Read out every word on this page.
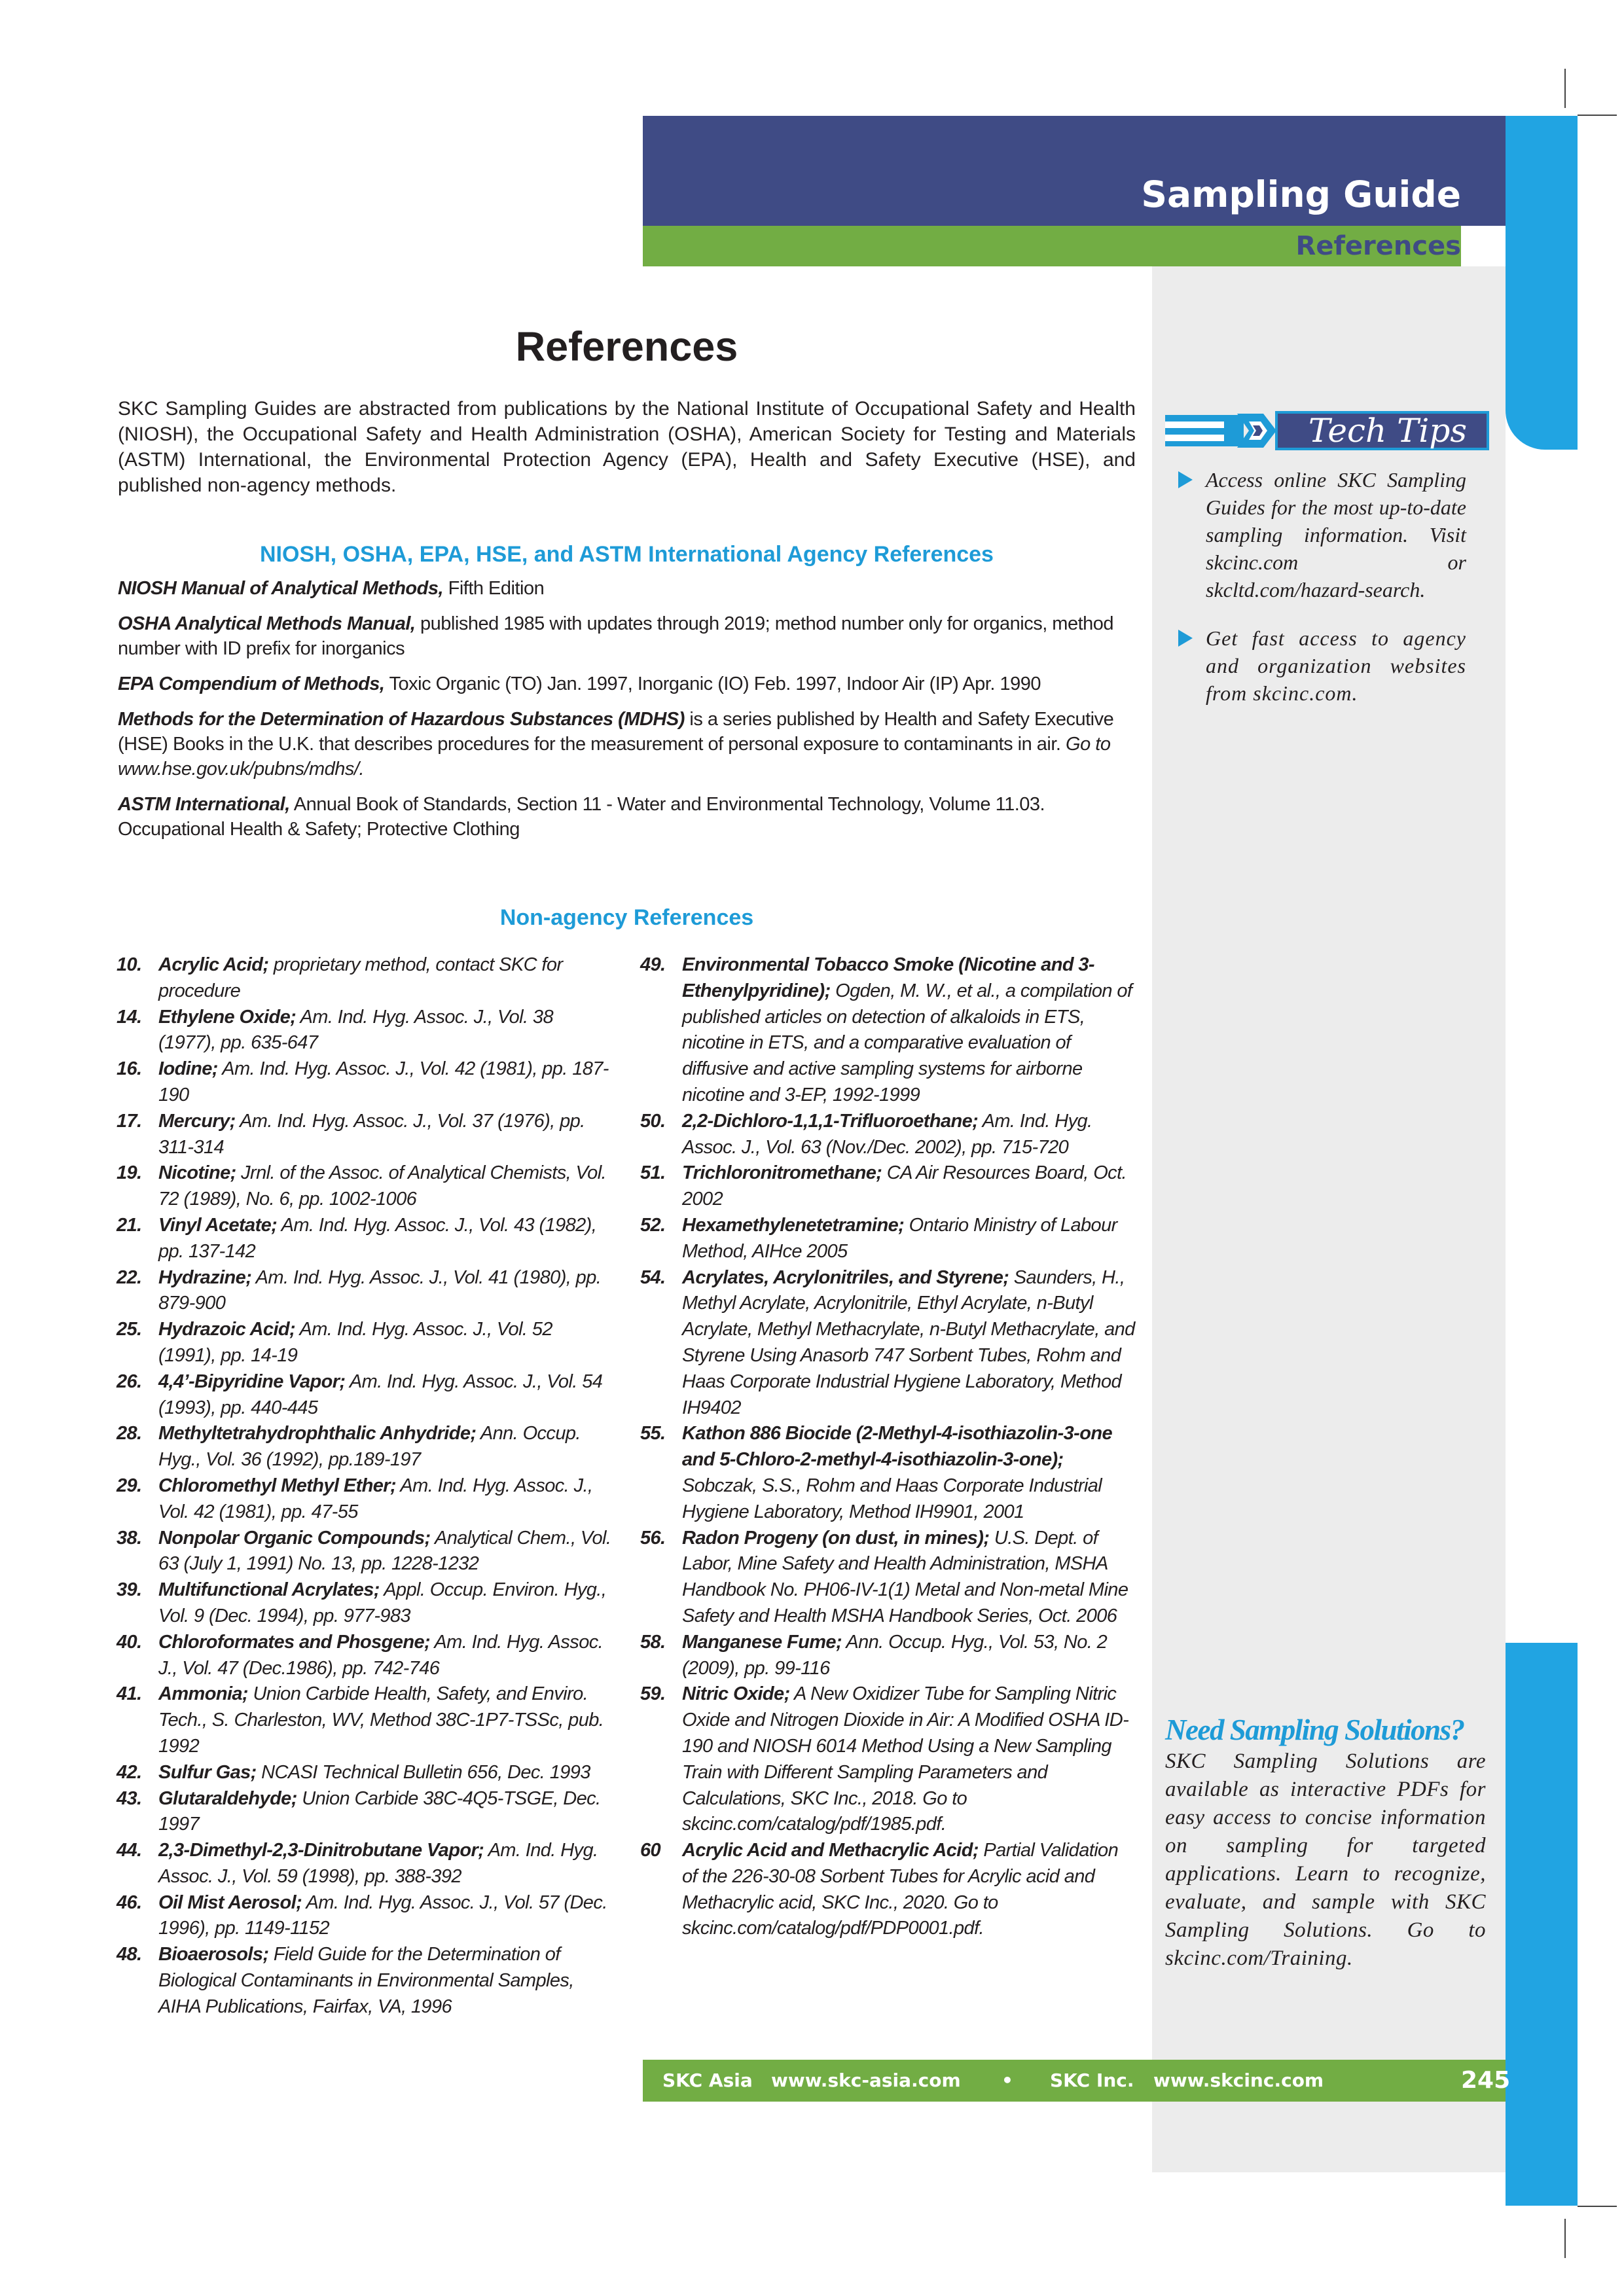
Sampling Guide
References
References
SKC Sampling Guides are abstracted from publications by the National Institute of Occupational Safety and Health (NIOSH), the Occupational Safety and Health Administration (OSHA), American Society for Testing and Materials (ASTM) International, the Environmental Protection Agency (EPA), Health and Safety Executive (HSE), and published non-agency methods.
NIOSH, OSHA, EPA, HSE, and ASTM International Agency References

NIOSH Manual of Analytical Methods, Fifth Edition

OSHA Analytical Methods Manual, published 1985 with updates through 2019; method number only for organics, method number with ID prefix for inorganics

EPA Compendium of Methods, Toxic Organic (TO) Jan. 1997, Inorganic (IO) Feb. 1997, Indoor Air (IP) Apr. 1990

Methods for the Determination of Hazardous Substances (MDHS) is a series published by Health and Safety Executive (HSE) Books in the U.K. that describes procedures for the measurement of personal exposure to contaminants in air. Go to www.hse.gov.uk/pubns/mdhs/.

ASTM International, Annual Book of Standards, Section 11 - Water and Environmental Technology, Volume 11.03. Occupational Health & Safety; Protective Clothing

Non-agency References
10. Acrylic Acid; proprietary method, contact SKC for procedure
14. Ethylene Oxide; Am. Ind. Hyg. Assoc. J., Vol. 38 (1977), pp. 635-647
16. Iodine; Am. Ind. Hyg. Assoc. J., Vol. 42 (1981), pp. 187-190
17. Mercury; Am. Ind. Hyg. Assoc. J., Vol. 37 (1976), pp. 311-314
19. Nicotine; Jrnl. of the Assoc. of Analytical Chemists, Vol. 72 (1989), No. 6, pp. 1002-1006
21. Vinyl Acetate; Am. Ind. Hyg. Assoc. J., Vol. 43 (1982), pp. 137-142
22. Hydrazine; Am. Ind. Hyg. Assoc. J., Vol. 41 (1980), pp. 879-900
25. Hydrazoic Acid; Am. Ind. Hyg. Assoc. J., Vol. 52 (1991), pp. 14-19
26. 4,4’-Bipyridine Vapor; Am. Ind. Hyg. Assoc. J., Vol. 54 (1993), pp. 440-445
28. Methyltetrahydrophthalic Anhydride; Ann. Occup. Hyg., Vol. 36 (1992), pp.189-197
29. Chloromethyl Methyl Ether; Am. Ind. Hyg. Assoc. J., Vol. 42 (1981), pp. 47-55
38. Nonpolar Organic Compounds; Analytical Chem., Vol. 63 (July 1, 1991) No. 13, pp. 1228-1232
39. Multifunctional Acrylates; Appl. Occup. Environ. Hyg., Vol. 9 (Dec. 1994), pp. 977-983
40. Chloroformates and Phosgene; Am. Ind. Hyg. Assoc. J., Vol. 47 (Dec.1986), pp. 742-746
41. Ammonia; Union Carbide Health, Safety, and Enviro. Tech., S. Charleston, WV, Method 38C-1P7-TSSc, pub. 1992
42. Sulfur Gas; NCASI Technical Bulletin 656, Dec. 1993
43. Glutaraldehyde; Union Carbide 38C-4Q5-TSGE, Dec. 1997
44. 2,3-Dimethyl-2,3-Dinitrobutane Vapor; Am. Ind. Hyg. Assoc. J., Vol. 59 (1998), pp. 388-392
46. Oil Mist Aerosol; Am. Ind. Hyg. Assoc. J., Vol. 57 (Dec. 1996), pp. 1149-1152
48. Bioaerosols; Field Guide for the Determination of Biological Contaminants in Environmental Samples, AIHA Publications, Fairfax, VA, 1996
49. Environmental Tobacco Smoke (Nicotine and 3-Ethenylpyridine); Ogden, M. W., et al., a compilation of published articles on detection of alkaloids in ETS, nicotine in ETS, and a comparative evaluation of diffusive and active sampling systems for airborne nicotine and 3-EP, 1992-1999
50. 2,2-Dichloro-1,1,1-Trifluoroethane; Am. Ind. Hyg. Assoc. J., Vol. 63 (Nov./Dec. 2002), pp. 715-720
51. Trichloronitromethane; CA Air Resources Board, Oct. 2002
52. Hexamethylenetetramine; Ontario Ministry of Labour Method, AIHce 2005
54. Acrylates, Acrylonitriles, and Styrene; Saunders, H., Methyl Acrylate, Acrylonitrile, Ethyl Acrylate, n-Butyl Acrylate, Methyl Methacrylate, n-Butyl Methacrylate, and Styrene Using Anasorb 747 Sorbent Tubes, Rohm and Haas Corporate Industrial Hygiene Laboratory, Method IH9402
55. Kathon 886 Biocide (2-Methyl-4-isothiazolin-3-one and 5-Chloro-2-methyl-4-isothiazolin-3-one); Sobczak, S.S., Rohm and Haas Corporate Industrial Hygiene Laboratory, Method IH9901, 2001
56. Radon Progeny (on dust, in mines); U.S. Dept. of Labor, Mine Safety and Health Administration, MSHA Handbook No. PH06-IV-1(1) Metal and Non-metal Mine Safety and Health MSHA Handbook Series, Oct. 2006
58. Manganese Fume; Ann. Occup. Hyg., Vol. 53, No. 2 (2009), pp. 99-116
59. Nitric Oxide; A New Oxidizer Tube for Sampling Nitric Oxide and Nitrogen Dioxide in Air: A Modified OSHA ID-190 and NIOSH 6014 Method Using a New Sampling Train with Different Sampling Parameters and Calculations, SKC Inc., 2018. Go to skcinc.com/catalog/pdf/1985.pdf.
60 Acrylic Acid and Methacrylic Acid; Partial Validation of the 226-30-08 Sorbent Tubes for Acrylic acid and Methacrylic acid, SKC Inc., 2020. Go to skcinc.com/catalog/pdf/PDP0001.pdf.
Tech Tips
Access online SKC Sampling Guides for the most up-to-date sampling information. Visit skcinc.com or skcltd.com/hazard-search.
Get fast access to agency and organization websites from skcinc.com.
Need Sampling Solutions?
SKC Sampling Solutions are available as interactive PDFs for easy access to concise information on sampling for targeted applications. Learn to recognize, evaluate, and sample with SKC Sampling Solutions. Go to skcinc.com/Training.
SKC Asia www.skc-asia.com • SKC Inc. www.skcinc.com	245
